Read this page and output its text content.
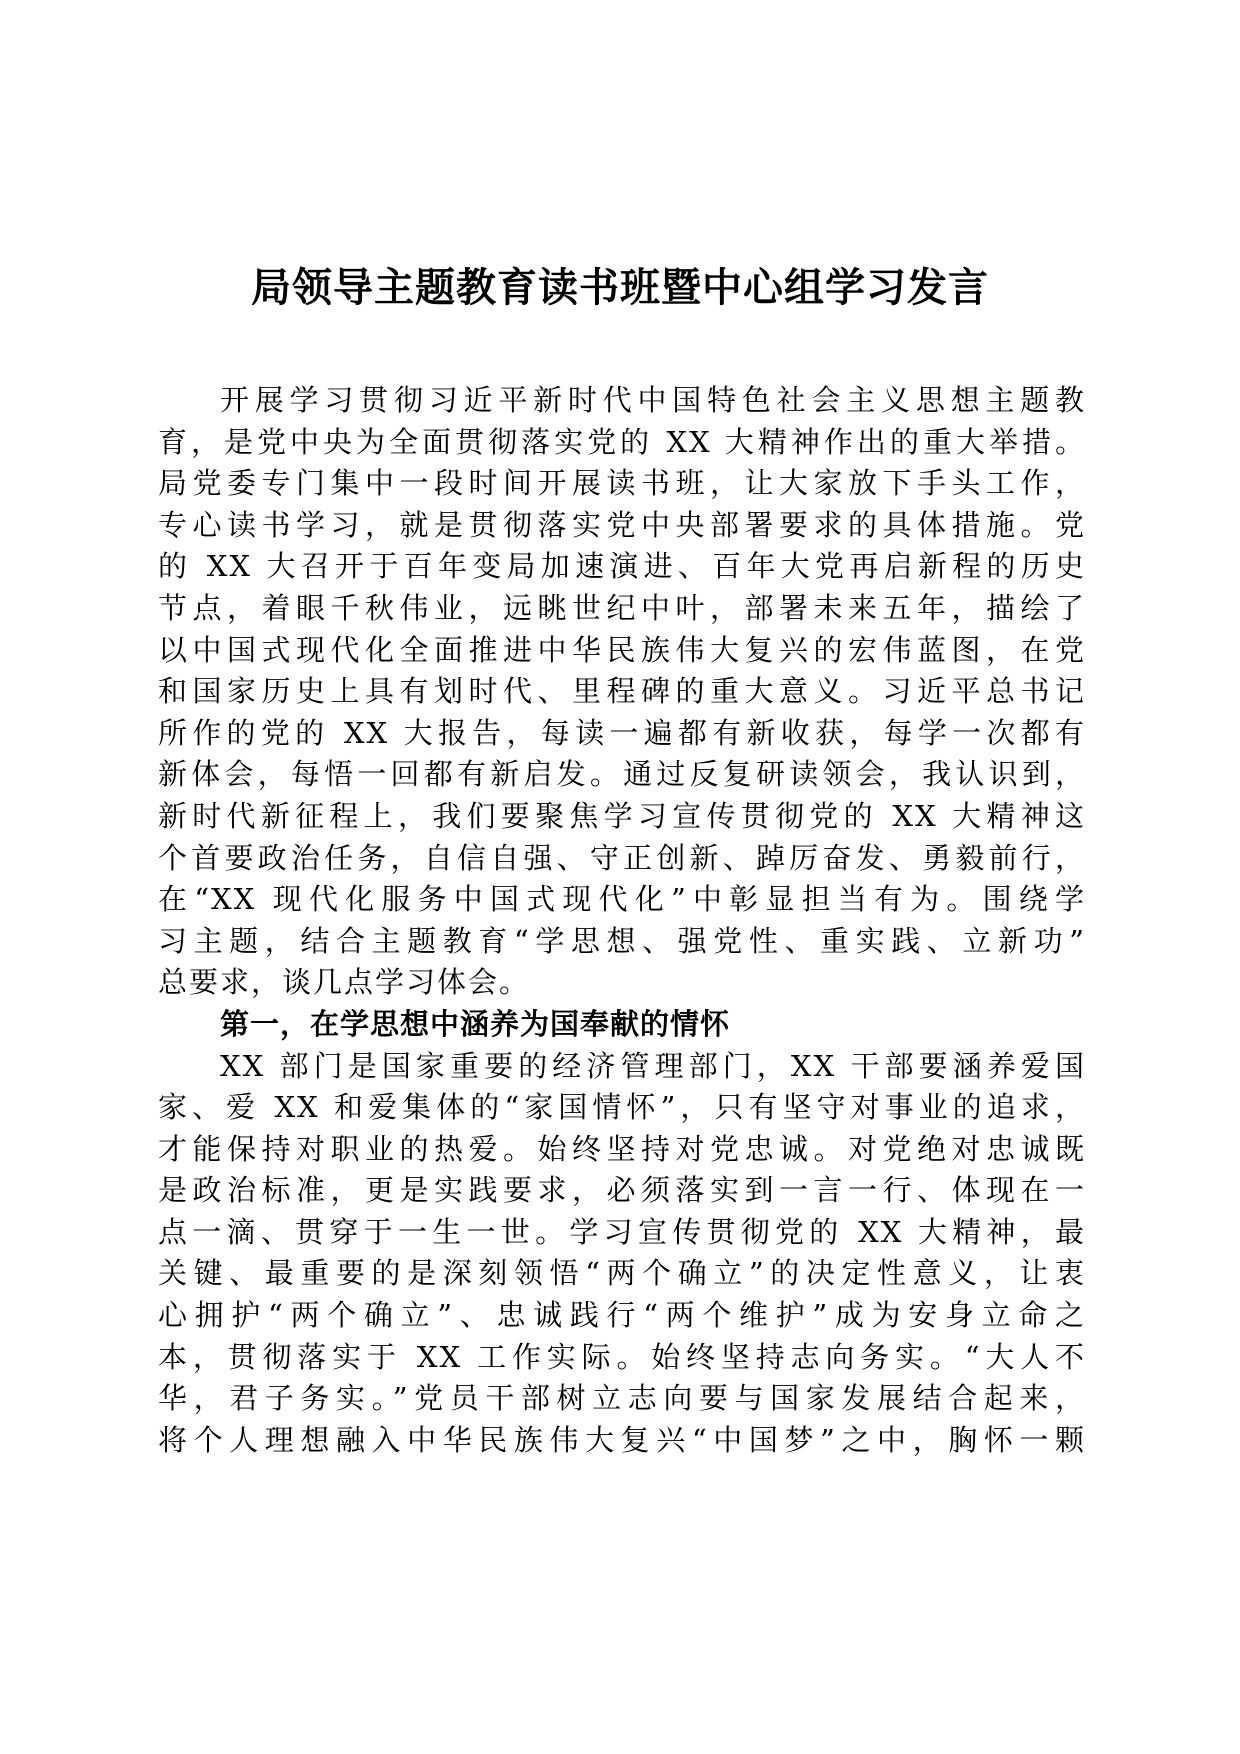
局领导主题教育读书班暨中心组学习发言
开展学习贯彻习近平新时代中国特色社会主义思想主题教
育，是党中央为全面贯彻落实党的 XX 大精神作出的重大举措。
局党委专门集中一段时间开展读书班，让大家放下手头工作，
专心读书学习，就是贯彻落实党中央部署要求的具体措施。党
的 XX 大召开于百年变局加速演进、百年大党再启新程的历史
节点，着眼千秋伟业，远眺世纪中叶，部署未来五年，描绘了
以中国式现代化全面推进中华民族伟大复兴的宏伟蓝图，在党
和国家历史上具有划时代、里程碑的重大意义。习近平总书记
所作的党的 XX 大报告，每读一遍都有新收获，每学一次都有
新体会，每悟一回都有新启发。通过反复研读领会，我认识到，
新时代新征程上，我们要聚焦学习宣传贯彻党的 XX 大精神这
个首要政治任务，自信自强、守正创新、踔厉奋发、勇毅前行，
在“XX 现代化服务中国式现代化”中彰显担当有为。围绕学
习主题，结合主题教育“学思想、强党性、重实践、立新功”
总要求，谈几点学习体会。
第一，在学思想中涵养为国奉献的情怀
XX 部门是国家重要的经济管理部门，XX 干部要涵养爱国
家、爱 XX 和爱集体的“家国情怀”，只有坚守对事业的追求，
才能保持对职业的热爱。始终坚持对党忠诚。对党绝对忠诚既
是政治标准，更是实践要求，必须落实到一言一行、体现在一
点一滴、贯穿于一生一世。学习宣传贯彻党的 XX 大精神，最
关键、最重要的是深刻领悟“两个确立”的决定性意义，让衷
心拥护“两个确立”、忠诚践行“两个维护”成为安身立命之
本，贯彻落实于 XX 工作实际。始终坚持志向务实。“大人不
华，君子务实。”党员干部树立志向要与国家发展结合起来，
将个人理想融入中华民族伟大复兴“中国梦”之中，胸怀一颗
